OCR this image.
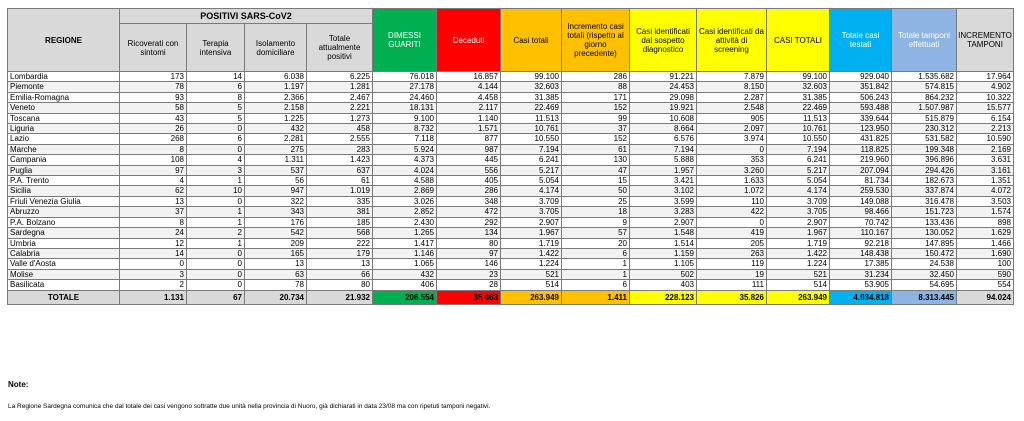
REGIONE	POSITIVI SARS-CoV2				DIMESSI GUARITI	Deceduti	Casi totali	Incremento casi totali (rispetto al giorno precedente)	Casi identificati dal sospetto diagnostico	Casi identificati da attività di screening	CASI TOTALI	Totale casi testati	Totale tamponi effettuati	INCREMENTO TAMPONI
	Ricoverati con sintomi	Terapia intensiva	Isolamento domiciliare	Totale attualmente positivi										
Lombardia	173	14	6.038	6.225	76.018	16.857	99.100	286	91.221	7.879	99.100	929.040	1.535.682	17.964
Piemonte	78	6	1.197	1.281	27.178	4.144	32.603	88	24.453	8.150	32.603	351.842	574.815	4.902
Emilia-Romagna	93	8	2.366	2.467	24.460	4.458	31.385	171	29.098	2.287	31.385	506.243	864.232	10.322
Veneto	58	5	2.158	2.221	18.131	2.117	22.469	152	19.921	2.548	22.469	593.488	1.507.987	15.577
Toscana	43	5	1.225	1.273	9.100	1.140	11.513	99	10.608	905	11.513	339.644	515.879	6.154
Liguria	26	0	432	458	8.732	1.571	10.761	37	8.664	2.097	10.761	123.950	230.312	2.213
Lazio	268	6	2.281	2.555	7.118	877	10.550	152	6.576	3.974	10.550	431.825	531.582	10.590
Marche	8	0	275	283	5.924	987	7.194	61	7.194	0	7.194	118.825	199.348	2.169
Campania	108	4	1.311	1.423	4.373	445	6.241	130	5.888	353	6.241	219.960	396.896	3.631
Puglia	97	3	537	637	4.024	556	5.217	47	1.957	3.260	5.217	207.094	294.426	3.161
P.A. Trento	4	1	56	61	4.588	405	5.054	15	3.421	1.633	5.054	81.734	182.673	1.351
Sicilia	62	10	947	1.019	2.869	286	4.174	50	3.102	1.072	4.174	259.530	337.874	4.072
Friuli Venezia Giulia	13	0	322	335	3.026	348	3.709	25	3.599	110	3.709	149.088	316.478	3.503
Abruzzo	37	1	343	381	2.852	472	3.705	18	3.283	422	3.705	98.466	151.723	1.574
P.A. Bolzano	8	1	176	185	2.430	292	2.907	9	2.907	0	2.907	70.742	133.436	898
Sardegna	24	2	542	568	1.265	134	1.967	57	1.548	419	1.967	110.167	130.052	1.629
Umbria	12	1	209	222	1.417	80	1.719	20	1.514	205	1.719	92.218	147.895	1.466
Calabria	14	0	165	179	1.146	97	1.422	6	1.159	263	1.422	148.438	150.472	1.690
Valle d'Aosta	0	0	13	13	1.065	146	1.224	1	1.105	119	1.224	17.385	24.538	100
Molise	3	0	63	66	432	23	521	1	502	19	521	31.234	32.450	590
Basilicata	2	0	78	80	406	28	514	6	403	111	514	53.905	54.695	554
TOTALE	1.131	67	20.734	21.932	206.554	35.463	263.949	1.411	228.123	35.826	263.949	4.934.818	8.313.445	94.024
Note:
La Regione Sardegna comunica che dal totale dei casi vengono sottratte due unità nella provincia di Nuoro, già dichiarati in data 23/08 ma con ripetuti tamponi negativi.
